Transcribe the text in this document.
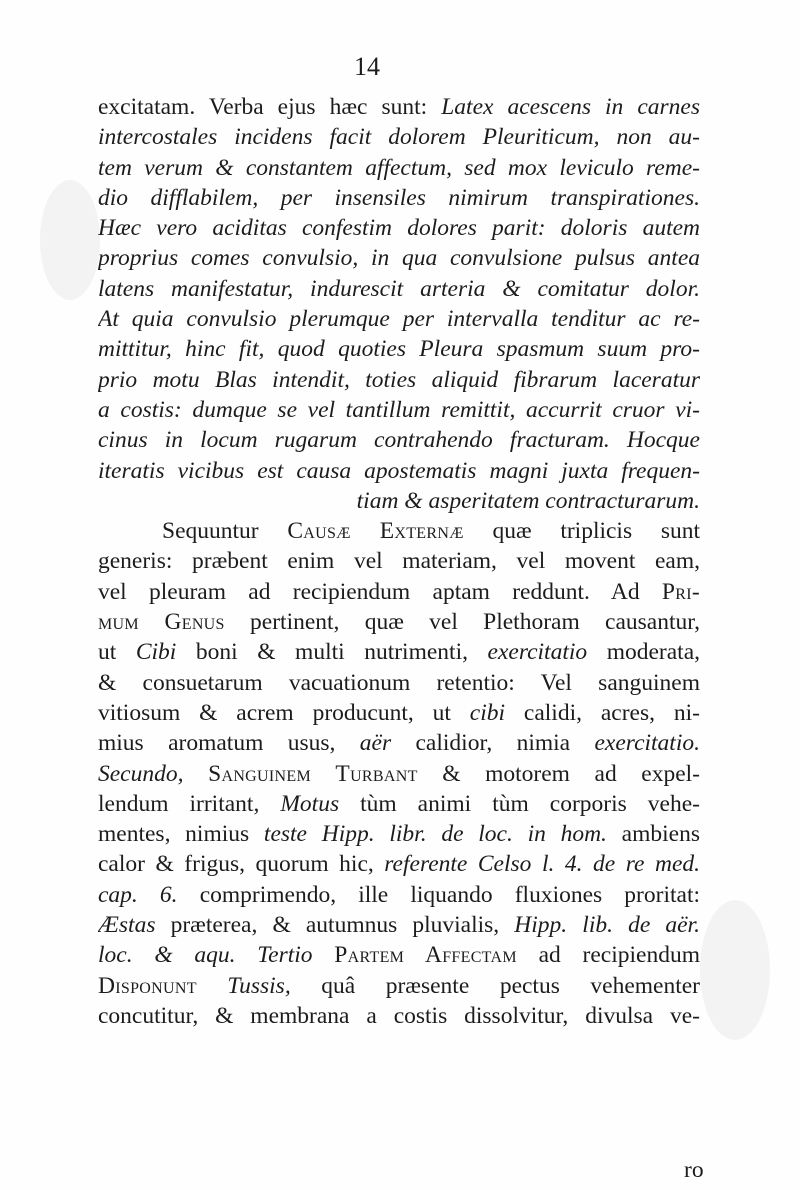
14
excitatam. Verba ejus hæc sunt: Latex acescens in carnes
intercostales incidens facit dolorem Pleuriticum, non au-
tem verum & constantem affectum, sed mox leviculo reme-
dio difflabilem, per insensiles nimirum transpirationes.
Hæc vero aciditas confestim dolores parit: doloris autem
proprius comes convulsio, in qua convulsione pulsus antea
latens manifestatur, indurescit arteria & comitatur dolor.
At quia convulsio plerumque per intervalla tenditur ac re-
mittitur, hinc fit, quod quoties Pleura spasmum suum pro-
prio motu Blas intendit, toties aliquid fibrarum laceratur
a costis: dumque se vel tantillum remittit, accurrit cruor vi-
cinus in locum rugarum contrahendo fracturam. Hocque
iteratis vicibus est causa apostematis magni juxta frequen-
tiam & asperitatem contracturarum.
Sequuntur Causæ Externæ quæ triplicis sunt
generis: præbent enim vel materiam, vel movent eam,
vel pleuram ad recipiendum aptam reddunt. Ad Pri-
mum Genus pertinent, quæ vel Plethoram causantur,
ut Cibi boni & multi nutrimenti, exercitatio moderata,
& consuetarum vacuationum retentio: Vel sanguinem
vitiosum & acrem producunt, ut cibi calidi, acres, ni-
mius aromatum usus, aër calidior, nimia exercitatio.
Secundo, Sanguinem Turbant & motorem ad expel-
lendum irritant, Motus tùm animi tùm corporis vehe-
mentes, nimius teste Hipp. libr. de loc. in hom. ambiens
calor & frigus, quorum hic, referente Celso l. 4. de re med.
cap. 6. comprimendo, ille liquando fluxiones proritat:
Æstas præterea, & autumnus pluvialis, Hipp. lib. de aër.
loc. & aqu. Tertio Partem Affectam ad recipiendum
Disponunt Tussis, quâ præsente pectus vehementer
concutitur, & membrana a costis dissolvitur, divulsa ve-
ro
